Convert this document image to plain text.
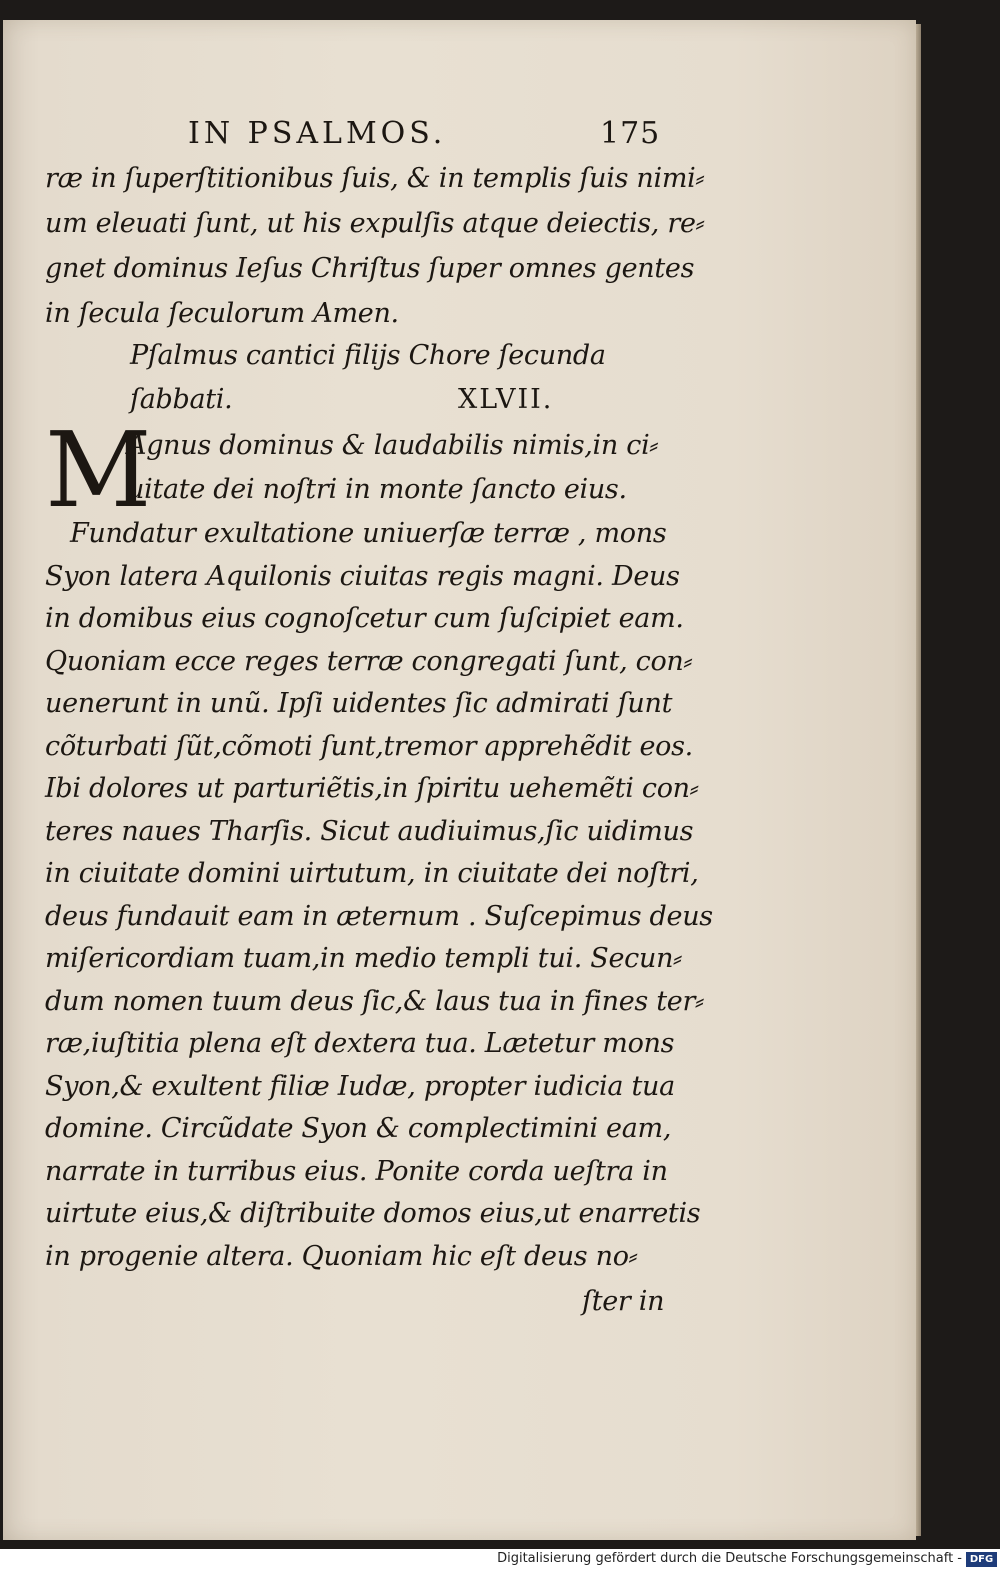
IN PSALMOS.	175
ræ in ſuperſtitionibus ſuis, & in templis ſuis nimi⸗
um eleuati ſunt, ut his expulſis atque deiectis, re⸗
gnet dominus Ieſus Chriſtus ſuper omnes gentes
in ſecula ſeculorum Amen.
Pſalmus cantici filijs Chore ſecunda
ſabbati.	XLVII.
M
Agnus dominus & laudabilis nimis,in ci⸗
uitate dei noſtri in monte ſancto eius.
Fundatur exultatione uniuerſæ terræ , mons
Syon latera Aquilonis ciuitas regis magni. Deus
in domibus eius cognoſcetur cum ſuſcipiet eam.
Quoniam ecce reges terræ congregati ſunt, con⸗
uenerunt in unũ. Ipſi uidentes ſic admirati ſunt
cõturbati ſũt,cõmoti ſunt,tremor apprehẽdit eos.
Ibi dolores ut parturiẽtis,in ſpiritu uehemẽti con⸗
teres naues Tharſis. Sicut audiuimus,ſic uidimus
in ciuitate domini uirtutum, in ciuitate dei noſtri,
deus fundauit eam in æternum . Suſcepimus deus
miſericordiam tuam,in medio templi tui. Secun⸗
dum nomen tuum deus ſic,& laus tua in fines ter⸗
ræ,iuſtitia plena eſt dextera tua. Lætetur mons
Syon,& exultent filiæ Iudæ, propter iudicia tua
domine. Circũdate Syon & complectimini eam,
narrate in turribus eius. Ponite corda ueſtra in
uirtute eius,& diſtribuite domos eius,ut enarretis
in progenie altera. Quoniam hic eſt deus no⸗
ſter in
Digitalisierung gefördert durch die Deutsche Forschungsgemeinschaft - DFG
